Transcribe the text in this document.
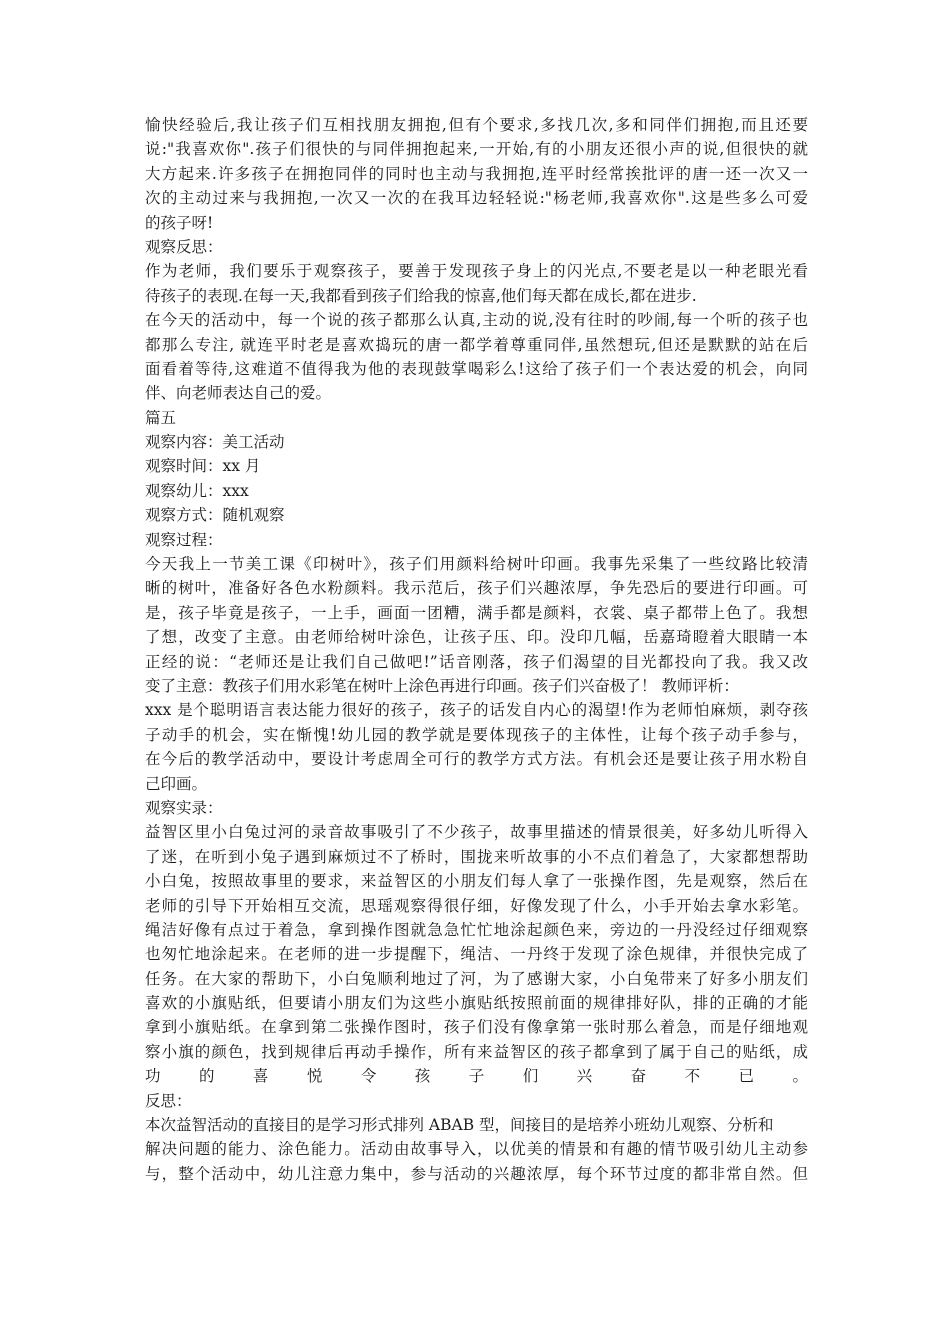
愉快经验后,我让孩子们互相找朋友拥抱,但有个要求,多找几次,多和同伴们拥抱,而且还要
说:"我喜欢你".孩子们很快的与同伴拥抱起来,一开始,有的小朋友还很小声的说,但很快的就
大方起来.许多孩子在拥抱同伴的同时也主动与我拥抱,连平时经常挨批评的唐一还一次又一
次的主动过来与我拥抱,一次又一次的在我耳边轻轻说:"杨老师,我喜欢你".这是些多么可爱
的孩子呀!
观察反思：
作为老师，我们要乐于观察孩子，要善于发现孩子身上的闪光点,不要老是以一种老眼光看
待孩子的表现.在每一天,我都看到孩子们给我的惊喜,他们每天都在成长,都在进步.
在今天的活动中，每一个说的孩子都那么认真,主动的说,没有往时的吵闹,每一个听的孩子也
都那么专注, 就连平时老是喜欢捣玩的唐一都学着尊重同伴,虽然想玩,但还是默默的站在后
面看着等待,这难道不值得我为他的表现鼓掌喝彩么!这给了孩子们一个表达爱的机会，向同
伴、向老师表达自己的爱。
篇五
观察内容：美工活动
观察时间：xx 月
观察幼儿：xxx
观察方式：随机观察
观察过程：
今天我上一节美工课《印树叶》，孩子们用颜料给树叶印画。我事先采集了一些纹路比较清
晰的树叶，准备好各色水粉颜料。我示范后，孩子们兴趣浓厚，争先恐后的要进行印画。可
是，孩子毕竟是孩子，一上手，画面一团糟，满手都是颜料，衣裳、桌子都带上色了。我想
了想，改变了主意。由老师给树叶涂色，让孩子压、印。没印几幅，岳嘉琦瞪着大眼睛一本
正经的说：“老师还是让我们自己做吧!”话音刚落，孩子们渴望的目光都投向了我。我又改
变了主意：教孩子们用水彩笔在树叶上涂色再进行印画。孩子们兴奋极了！ 教师评析：
xxx 是个聪明语言表达能力很好的孩子，孩子的话发自内心的渴望!作为老师怕麻烦，剥夺孩
子动手的机会，实在惭愧!幼儿园的教学就是要体现孩子的主体性，让每个孩子动手参与，
在今后的教学活动中，要设计考虑周全可行的教学方式方法。有机会还是要让孩子用水粉自
己印画。
观察实录：
益智区里小白兔过河的录音故事吸引了不少孩子，故事里描述的情景很美，好多幼儿听得入
了迷，在听到小兔子遇到麻烦过不了桥时，围拢来听故事的小不点们着急了，大家都想帮助
小白兔，按照故事里的要求，来益智区的小朋友们每人拿了一张操作图，先是观察，然后在
老师的引导下开始相互交流，思瑶观察得很仔细，好像发现了什么，小手开始去拿水彩笔。
绳洁好像有点过于着急，拿到操作图就急急忙忙地涂起颜色来，旁边的一丹没经过仔细观察
也匆忙地涂起来。在老师的进一步提醒下，绳洁、一丹终于发现了涂色规律，并很快完成了
任务。在大家的帮助下，小白兔顺利地过了河，为了感谢大家，小白兔带来了好多小朋友们
喜欢的小旗贴纸，但要请小朋友们为这些小旗贴纸按照前面的规律排好队，排的正确的才能
拿到小旗贴纸。在拿到第二张操作图时，孩子们没有像拿第一张时那么着急，而是仔细地观
察小旗的颜色，找到规律后再动手操作，所有来益智区的孩子都拿到了属于自己的贴纸，成
功的喜悦令孩子们兴奋不已。
反思：
本次益智活动的直接目的是学习形式排列 ABAB 型，间接目的是培养小班幼儿观察、分析和
解决问题的能力、涂色能力。活动由故事导入，以优美的情景和有趣的情节吸引幼儿主动参
与，整个活动中，幼儿注意力集中，参与活动的兴趣浓厚，每个环节过度的都非常自然。但
